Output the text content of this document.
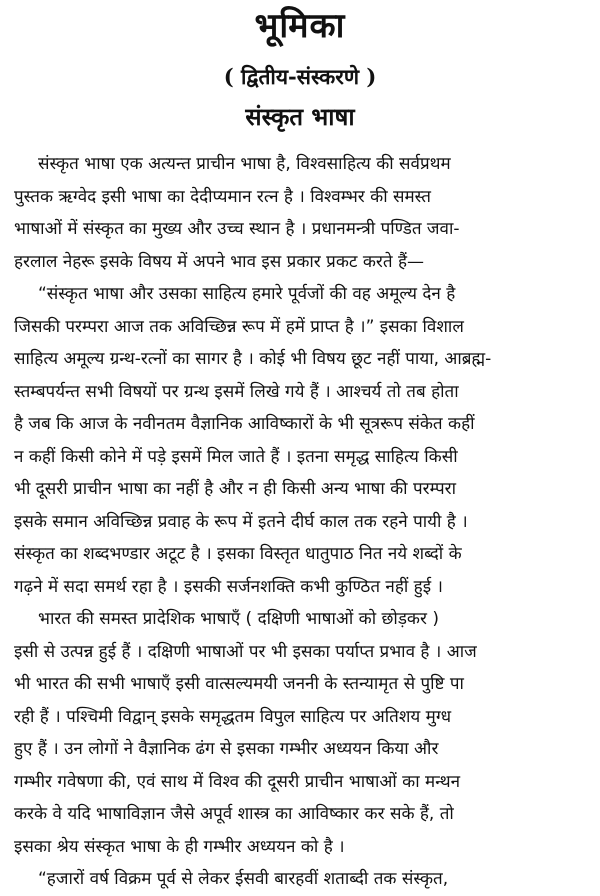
भूमिका
( द्वितीय-संस्करणे )
संस्कृत भाषा
संस्कृत भाषा एक अत्यन्त प्राचीन भाषा है, विश्वसाहित्य की सर्वप्रथम
पुस्तक ऋग्वेद इसी भाषा का देदीप्यमान रत्न है । विश्वम्भर की समस्त
भाषाओं में संस्कृत का मुख्य और उच्च स्थान है । प्रधानमन्त्री पण्डित जवा-
हरलाल नेहरू इसके विषय में अपने भाव इस प्रकार प्रकट करते हैं—
“संस्कृत भाषा और उसका साहित्य हमारे पूर्वजों की वह अमूल्य देन है
जिसकी परम्परा आज तक अविच्छिन्न रूप में हमें प्राप्त है ।” इसका विशाल
साहित्य अमूल्य ग्रन्थ-रत्नों का सागर है । कोई भी विषय छूट नहीं पाया, आब्रह्म-
स्तम्बपर्यन्त सभी विषयों पर ग्रन्थ इसमें लिखे गये हैं । आश्चर्य तो तब होता
है जब कि आज के नवीनतम वैज्ञानिक आविष्कारों के भी सूत्ररूप संकेत कहीं
न कहीं किसी कोने में पड़े इसमें मिल जाते हैं । इतना समृद्ध साहित्य किसी
भी दूसरी प्राचीन भाषा का नहीं है और न ही किसी अन्य भाषा की परम्परा
इसके समान अविच्छिन्न प्रवाह के रूप में इतने दीर्घ काल तक रहने पायी है ।
संस्कृत का शब्दभण्डार अटूट है । इसका विस्तृत धातुपाठ नित नये शब्दों के
गढ़ने में सदा समर्थ रहा है । इसकी सर्जनशक्ति कभी कुण्ठित नहीं हुई ।
भारत की समस्त प्रादेशिक भाषाएँ ( दक्षिणी भाषाओं को छोड़कर )
इसी से उत्पन्न हुई हैं । दक्षिणी भाषाओं पर भी इसका पर्याप्त प्रभाव है । आज
भी भारत की सभी भाषाएँ इसी वात्सल्यमयी जननी के स्तन्यामृत से पुष्टि पा
रही हैं । पश्चिमी विद्वान् इसके समृद्धतम विपुल साहित्य पर अतिशय मुग्ध
हुए हैं । उन लोगों ने वैज्ञानिक ढंग से इसका गम्भीर अध्ययन किया और
गम्भीर गवेषणा की, एवं साथ में विश्व की दूसरी प्राचीन भाषाओं का मन्थन
करके वे यदि भाषाविज्ञान जैसे अपूर्व शास्त्र का आविष्कार कर सके हैं, तो
इसका श्रेय संस्कृत भाषा के ही गम्भीर अध्ययन को है ।
“हजारों वर्ष विक्रम पूर्व से लेकर ईसवी बारहवीं शताब्दी तक संस्कृत,
